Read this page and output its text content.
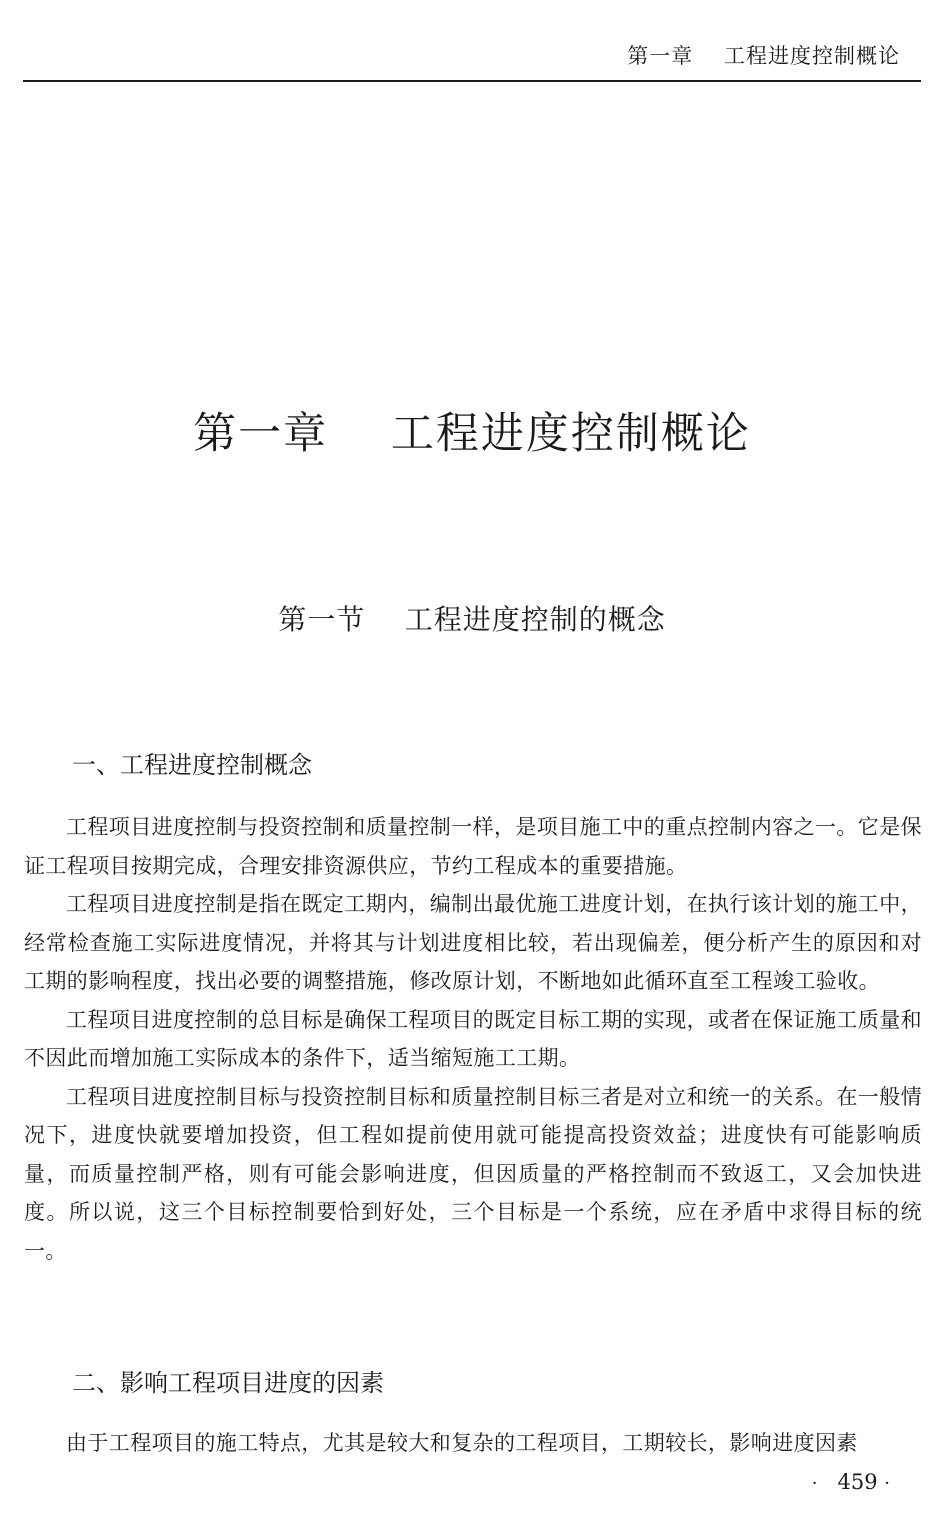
第一章    工程进度控制概论
第一章    工程进度控制概论
第一节    工程进度控制的概念
一、工程进度控制概念

工程项目进度控制与投资控制和质量控制一样，是项目施工中的重点控制内容之一。它是保证工程项目按期完成，合理安排资源供应，节约工程成本的重要措施。

工程项目进度控制是指在既定工期内，编制出最优施工进度计划，在执行该计划的施工中，经常检查施工实际进度情况，并将其与计划进度相比较，若出现偏差，便分析产生的原因和对工期的影响程度，找出必要的调整措施，修改原计划，不断地如此循环直至工程竣工验收。

工程项目进度控制的总目标是确保工程项目的既定目标工期的实现，或者在保证施工质量和不因此而增加施工实际成本的条件下，适当缩短施工工期。

工程项目进度控制目标与投资控制目标和质量控制目标三者是对立和统一的关系。在一般情况下，进度快就要增加投资，但工程如提前使用就可能提高投资效益；进度快有可能影响质量，而质量控制严格，则有可能会影响进度，但因质量的严格控制而不致返工，又会加快进度。所以说，这三个目标控制要恰到好处，三个目标是一个系统，应在矛盾中求得目标的统一。

二、影响工程项目进度的因素

由于工程项目的施工特点，尤其是较大和复杂的工程项目，工期较长，影响进度因素

· 459 ·
